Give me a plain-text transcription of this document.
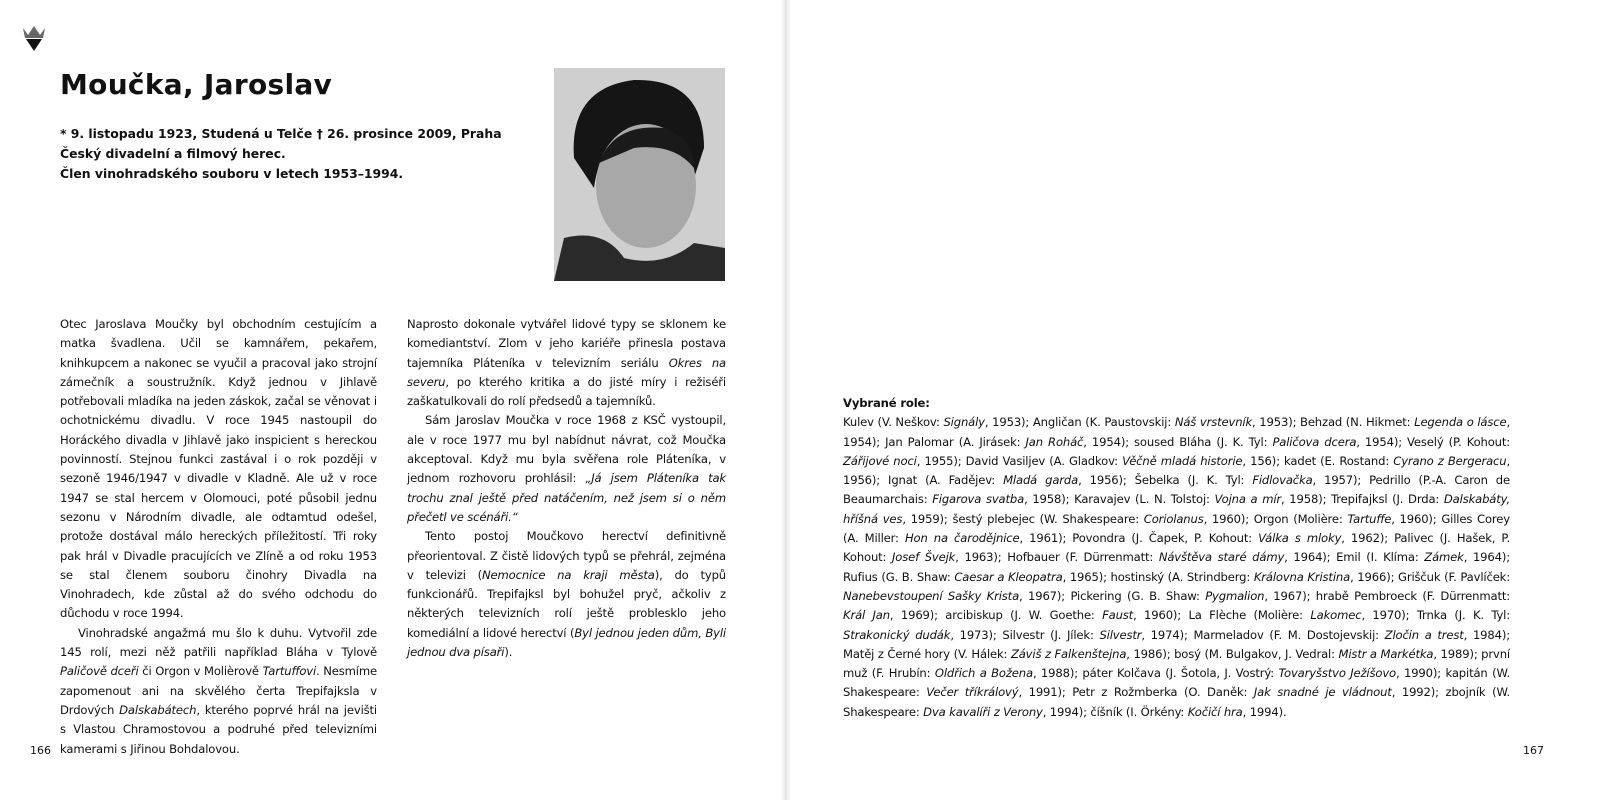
Moučka, Jaroslav
* 9. listopadu 1923, Studená u Telče † 26. prosince 2009, Praha
Český divadelní a filmový herec.
Člen vinohradského souboru v letech 1953–1994.

Otec Jaroslava Moučky byl obchodním cestujícím a matka švadlena. Učil se kamnářem, pekařem, knihkupcem a nakonec se vyučil a pracoval jako strojní zámečník a soustružník. Když jednou v Jihlavě potřebovali mladíka na jeden záskok, začal se věnovat i ochotnickému divadlu. V roce 1945 nastoupil do Horáckého divadla v Jihlavě jako inspicient s hereckou povinností. Stejnou funkci zastával i o rok později v sezoně 1946/1947 v divadle v Kladně. Ale už v roce 1947 se stal hercem v Olomouci, poté působil jednu sezonu v Národním divadle, ale odtamtud odešel, protože dostával málo hereckých příležitostí. Tři roky pak hrál v Divadle pracujících ve Zlíně a od roku 1953 se stal členem souboru činohry Divadla na Vinohradech, kde zůstal až do svého odchodu do důchodu v roce 1994.

Vinohradské angažmá mu šlo k duhu. Vytvořil zde 145 rolí, mezi něž patřili například Bláha v Tylově Paličově dceři či Orgon v Molièrově Tartuffovi. Nesmíme zapomenout ani na skvělého čerta Trepifajksla v Drdových Dalskabátech, kterého poprvé hrál na jevišti s Vlastou Chramostovou a podruhé před televizními kamerami s Jiřinou Bohdalovou.

Naprosto dokonale vytvářel lidové typy se sklonem ke komediantství. Zlom v jeho kariéře přinesla postava tajemníka Pláteníka v televizním seriálu Okres na severu, po kterého kritika a do jisté míry i režiséři zaškatulkovali do rolí předsedů a tajemníků.

Sám Jaroslav Moučka v roce 1968 z KSČ vystoupil, ale v roce 1977 mu byl nabídnut návrat, což Moučka akceptoval. Když mu byla svěřena role Pláteníka, v jednom rozhovoru prohlásil: „Já jsem Pláteníka tak trochu znal ještě před natáčením, než jsem si o něm přečetl ve scénáři.“

Tento postoj Moučkovo herectví definitivně přeorientoval. Z čistě lidových typů se přehrál, zejména v televizi (Nemocnice na kraji města), do typů funkcionářů. Trepifajksl byl bohužel pryč, ačkoliv z některých televizních rolí ještě problesklo jeho komediální a lidové herectví (Byl jednou jeden dům, Byli jednou dva písaři).

166	167
Vybrané role:

Kulev (V. Neškov: Signály, 1953); Angličan (K. Paustovskij: Náš vrstevník, 1953); Behzad (N. Hikmet: Legenda o lásce, 1954); Jan Palomar (A. Jirásek: Jan Roháč, 1954); soused Bláha (J. K. Tyl: Paličova dcera, 1954); Veselý (P. Kohout: Zářijové noci, 1955); David Vasiljev (A. Gladkov: Věčně mladá historie, 156); kadet (E. Rostand: Cyrano z Bergeracu, 1956); Ignat (A. Fadějev: Mladá garda, 1956); Šebelka (J. K. Tyl: Fidlovačka, 1957); Pedrillo (P.-A. Caron de Beaumarchais: Figarova svatba, 1958); Karavajev (L. N. Tolstoj: Vojna a mír, 1958); Trepifajksl (J. Drda: Dalskabáty, hříšná ves, 1959); šestý plebejec (W. Shakespeare: Coriolanus, 1960); Orgon (Molière: Tartuffe, 1960); Gilles Corey (A. Miller: Hon na čarodějnice, 1961); Povondra (J. Čapek, P. Kohout: Válka s mloky, 1962); Palivec (J. Hašek, P. Kohout: Josef Švejk, 1963); Hofbauer (F. Dürrenmatt: Návštěva staré dámy, 1964); Emil (I. Klíma: Zámek, 1964); Rufius (G. B. Shaw: Caesar a Kleopatra, 1965); hostinský (A. Strindberg: Královna Kristina, 1966); Griščuk (F. Pavlíček: Nanebevstoupení Sašky Krista, 1967); Pickering (G. B. Shaw: Pygmalion, 1967); hrabě Pembroeck (F. Dürrenmatt: Král Jan, 1969); arcibiskup (J. W. Goethe: Faust, 1960); La Flèche (Molière: Lakomec, 1970); Trnka (J. K. Tyl: Strakonický dudák, 1973); Silvestr (J. Jílek: Silvestr, 1974); Marmeladov (F. M. Dostojevskij: Zločin a trest, 1984); Matěj z Černé hory (V. Hálek: Záviš z Falkenštejna, 1986); bosý (M. Bulgakov, J. Vedral: Mistr a Markétka, 1989); první muž (F. Hrubín: Oldřich a Božena, 1988); páter Kolčava (J. Šotola, J. Vostrý: Tovaryšstvo Ježíšovo, 1990); kapitán (W. Shakespeare: Večer tříkrálový, 1991); Petr z Rožmberka (O. Daněk: Jak snadné je vládnout, 1992); zbojník (W. Shakespeare: Dva kavalíři z Verony, 1994); číšník (I. Örkény: Kočičí hra, 1994).
